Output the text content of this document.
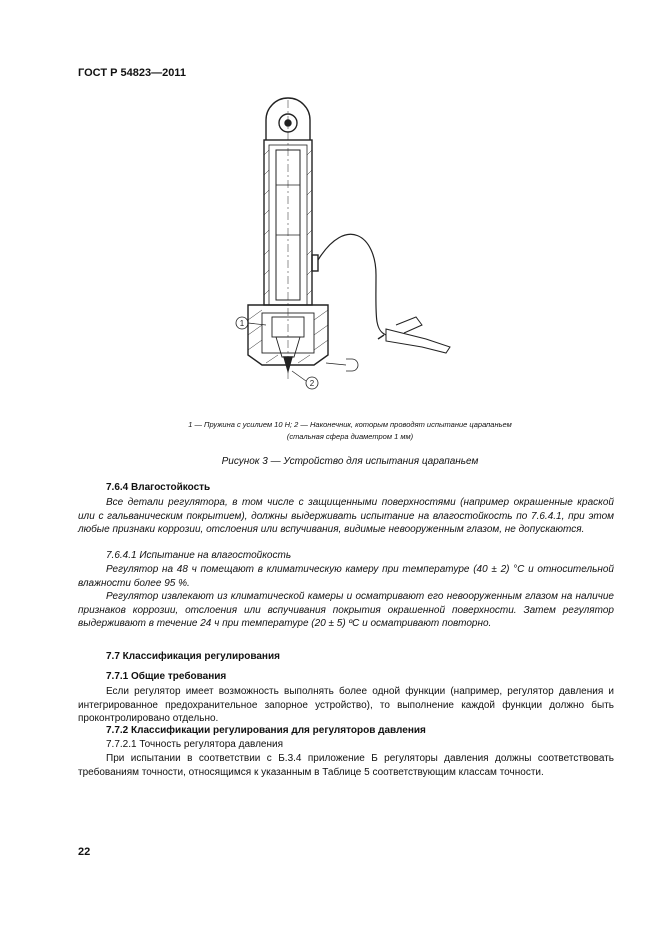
ГОСТ Р 54823—2011
1
2
1 — Пружина с усилием 10 Н; 2 — Наконечник, которым проводят испытание царапаньем
(стальная сфера диаметром 1 мм)
Рисунок 3 — Устройство для испытания царапаньем
7.6.4 Влагостойкость
Все детали регулятора, в том числе с защищенными поверхностями (например окрашенные краской или с гальваническим покрытием), должны выдерживать испытание на влагостойкость по 7.6.4.1, при этом любые признаки коррозии, отслоения или вспучивания, видимые невооруженным глазом, не допускаются.
7.6.4.1 Испытание на влагостойкость
Регулятор на 48 ч помещают в климатическую камеру при температуре (40 ± 2) °С и относительной влажности более 95 %.
Регулятор извлекают из климатической камеры и осматривают его невооруженным глазом на наличие признаков коррозии, отслоения или вспучивания покрытия окрашенной поверхности. Затем регулятор выдерживают в течение 24 ч при температуре (20 ± 5) ºС и осматривают повторно.
7.7 Классификация регулирования
7.7.1 Общие требования
Если регулятор имеет возможность выполнять более одной функции (например, регулятор давления и интегрированное предохранительное запорное устройство), то выполнение каждой функции должно быть проконтролировано отдельно.
7.7.2 Классификации регулирования для регуляторов давления
7.7.2.1 Точность регулятора давления
При испытании в соответствии с Б.3.4 приложение Б регуляторы давления должны соответствовать требованиям точности, относящимся к указанным в Таблице 5 соответствующим классам точности.
22
